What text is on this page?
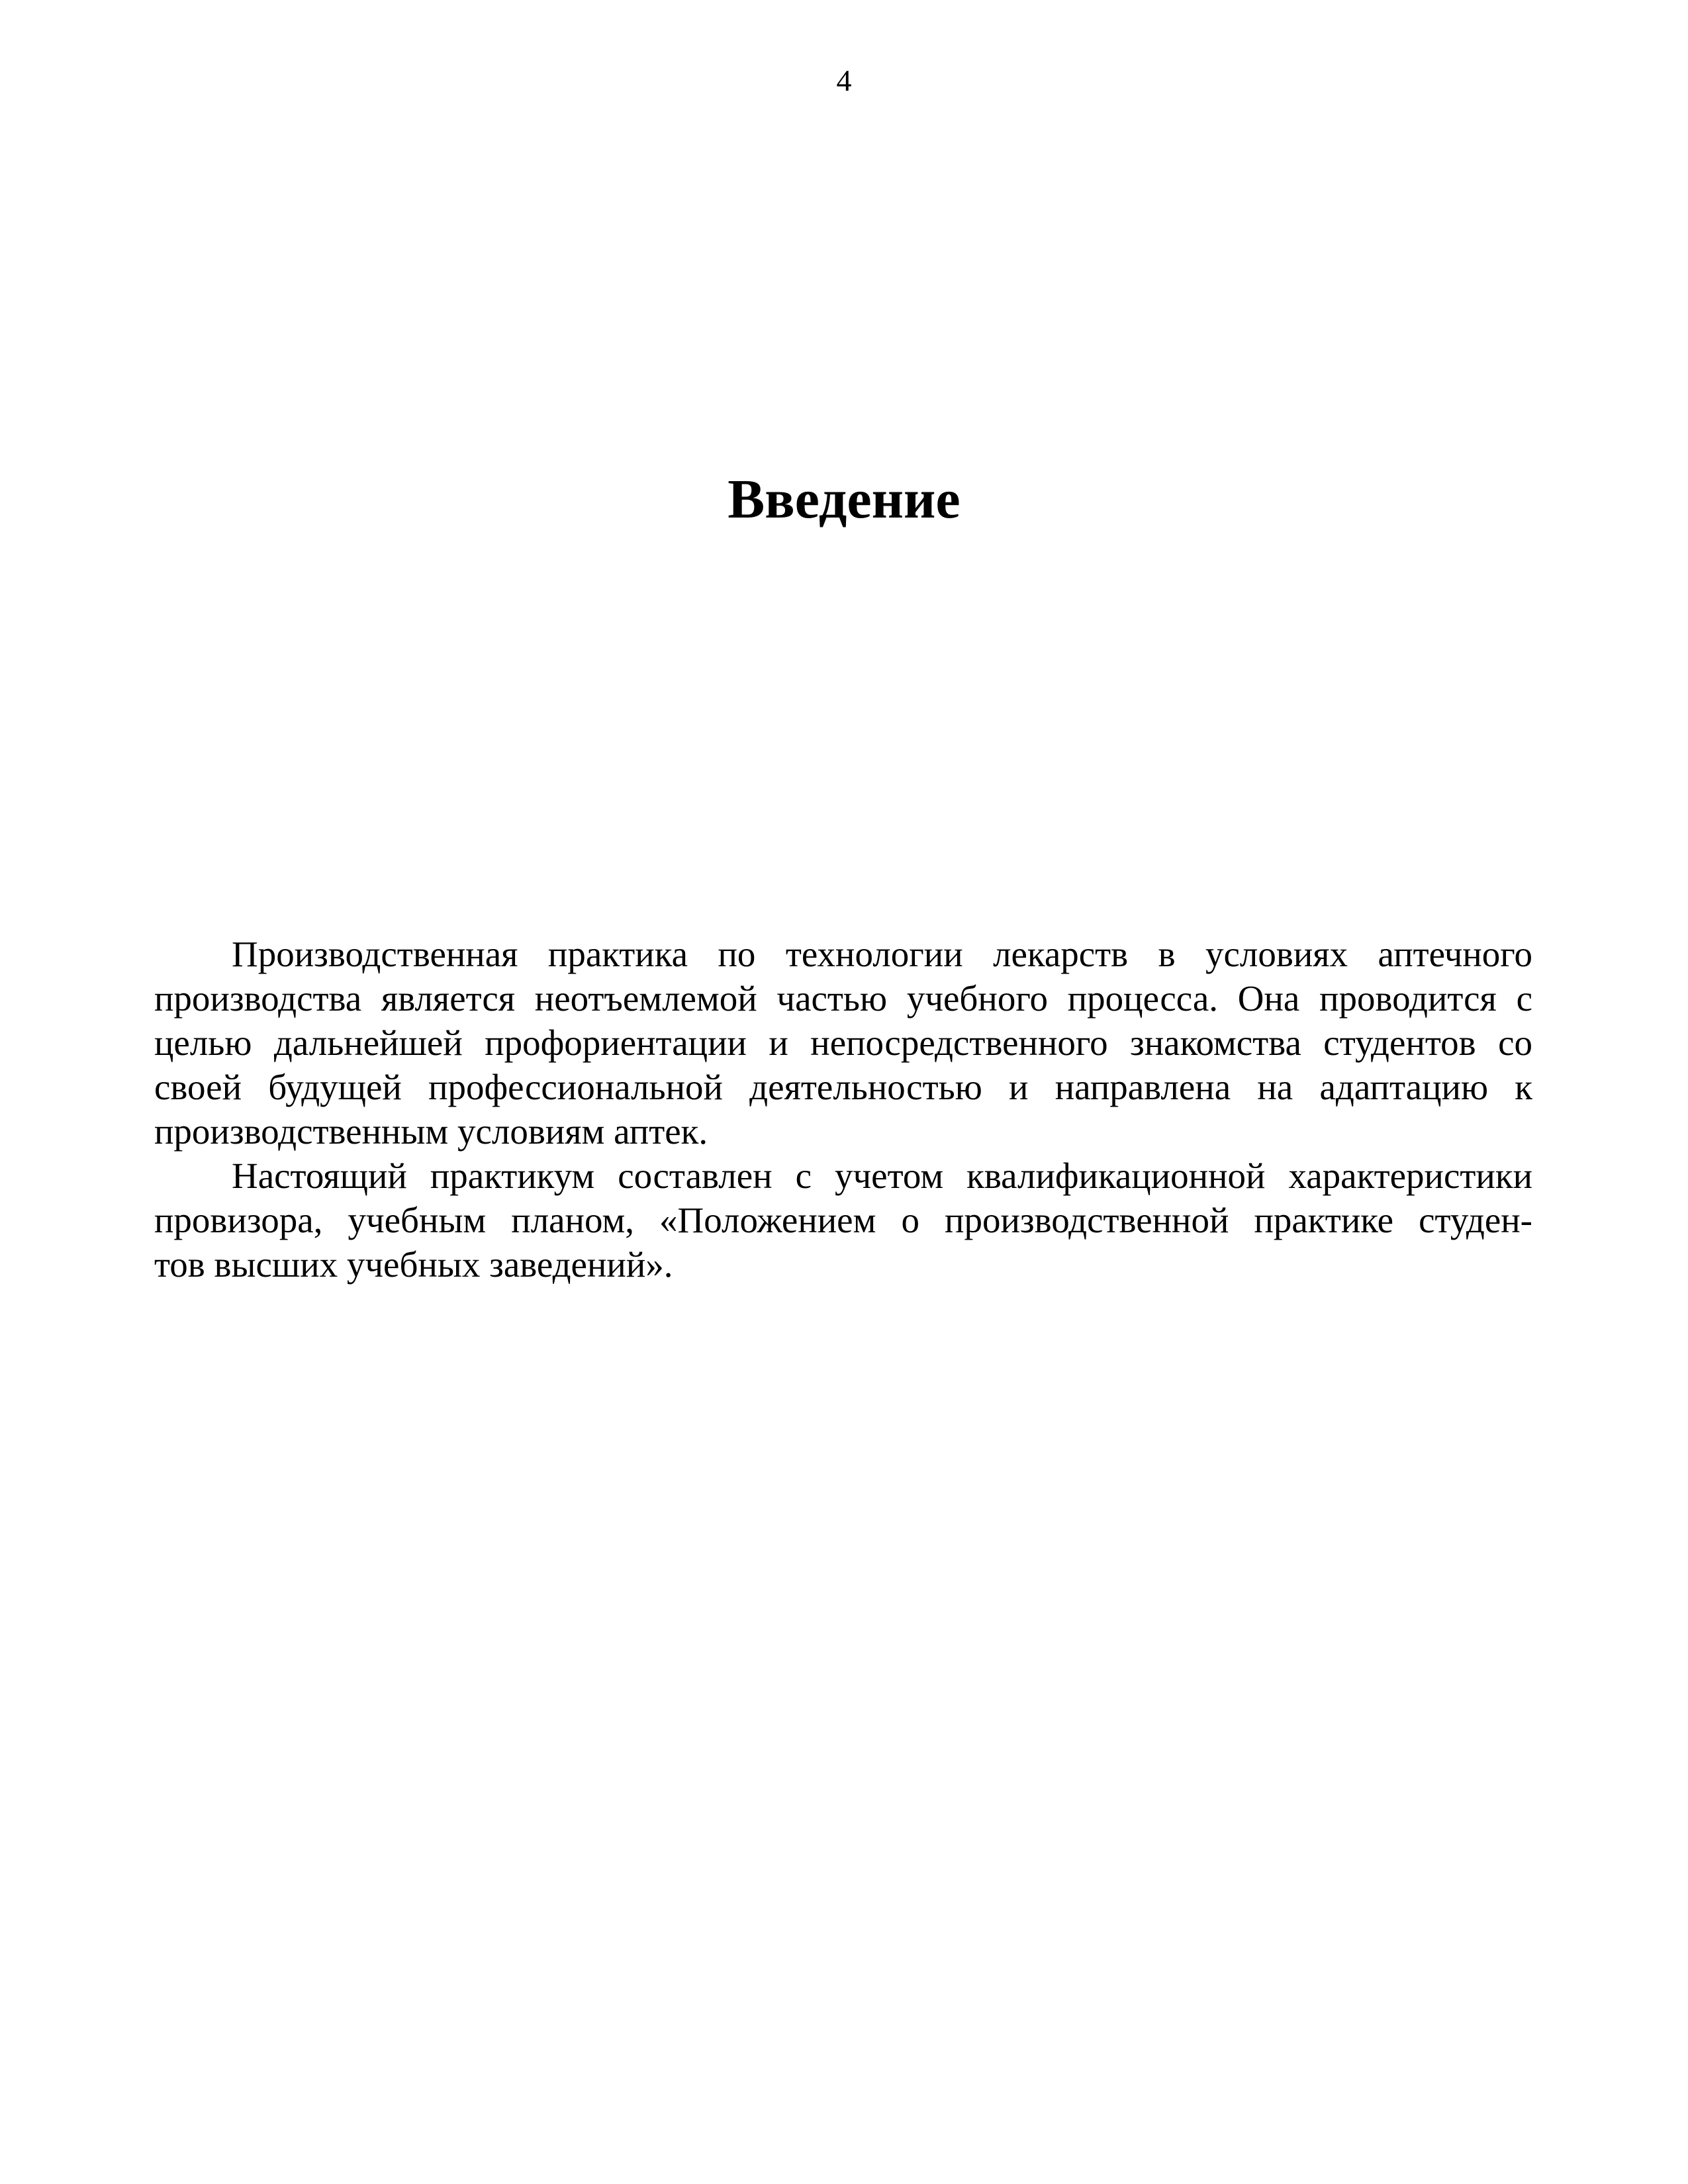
4
Введение

Производственная практика по технологии лекарств в условиях аптечного
производства является неотъемлемой частью учебного процесса. Она проводится с
целью дальнейшей профориентации и непосредственного знакомства студентов со
своей будущей профессиональной деятельностью и направлена на адаптацию к
производственным условиям аптек.

Настоящий практикум составлен с учетом квалификационной характеристики
провизора, учебным планом, «Положением о производственной практике студен-
тов высших учебных заведений».
